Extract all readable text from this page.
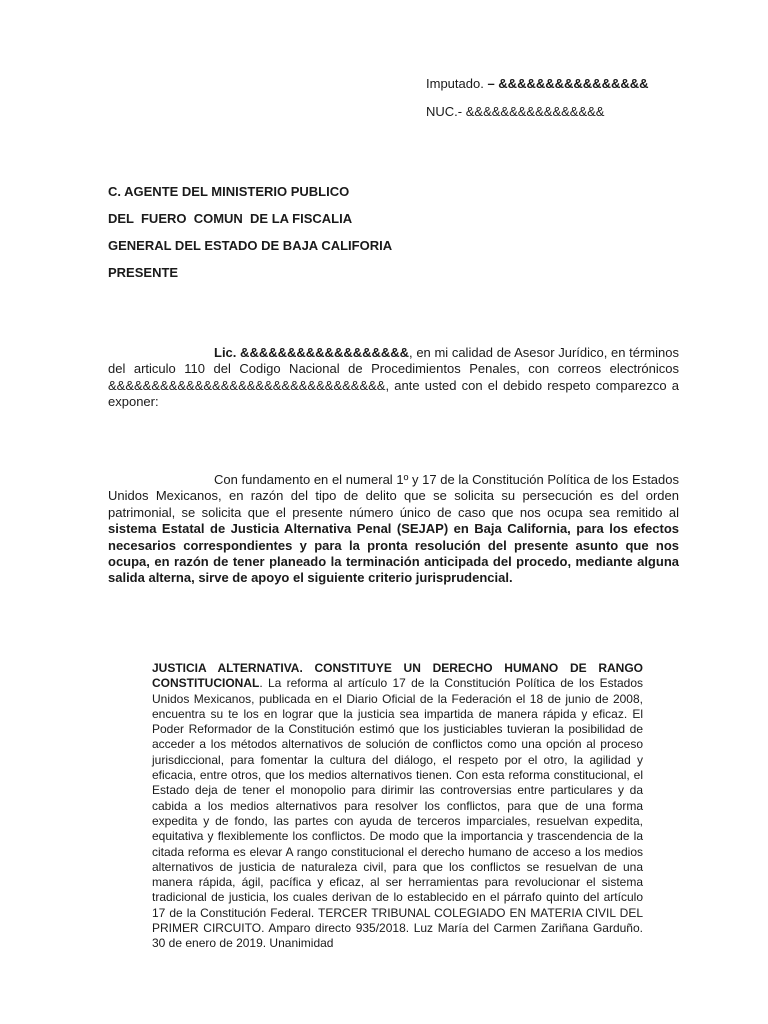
Imputado. – &&&&&&&&&&&&&&&&
NUC.- &&&&&&&&&&&&&&&&
C. AGENTE DEL MINISTERIO PUBLICO
DEL  FUERO  COMUN  DE LA FISCALIA
GENERAL DEL ESTADO DE BAJA CALIFORIA
PRESENTE
Lic. &&&&&&&&&&&&&&&&&&, en mi calidad de Asesor Jurídico, en términos del articulo 110 del Codigo Nacional de Procedimientos Penales, con correos electrónicos &&&&&&&&&&&&&&&&&&&&&&&&&&&&&&&&, ante usted con el debido respeto comparezco a exponer:
Con fundamento en el numeral 1º y 17 de la Constitución Política de los Estados Unidos Mexicanos, en razón del tipo de delito que se solicita su persecución es del orden patrimonial, se solicita que el presente número único de caso que nos ocupa sea remitido al sistema Estatal de Justicia Alternativa Penal (SEJAP) en Baja California, para los efectos necesarios correspondientes y para la pronta resolución del presente asunto que nos ocupa, en razón de tener planeado la terminación anticipada del procedo, mediante alguna salida alterna, sirve de apoyo el siguiente criterio jurisprudencial.
JUSTICIA ALTERNATIVA. CONSTITUYE UN DERECHO HUMANO DE RANGO CONSTITUCIONAL. La reforma al artículo 17 de la Constitución Política de los Estados Unidos Mexicanos, publicada en el Diario Oficial de la Federación el 18 de junio de 2008, encuentra su te los en lograr que la justicia sea impartida de manera rápida y eficaz. El Poder Reformador de la Constitución estimó que los justiciables tuvieran la posibilidad de acceder a los métodos alternativos de solución de conflictos como una opción al proceso jurisdiccional, para fomentar la cultura del diálogo, el respeto por el otro, la agilidad y eficacia, entre otros, que los medios alternativos tienen. Con esta reforma constitucional, el Estado deja de tener el monopolio para dirimir las controversias entre particulares y da cabida a los medios alternativos para resolver los conflictos, para que de una forma expedita y de fondo, las partes con ayuda de terceros imparciales, resuelvan expedita, equitativa y flexiblemente los conflictos. De modo que la importancia y trascendencia de la citada reforma es elevar A rango constitucional el derecho humano de acceso a los medios alternativos de justicia de naturaleza civil, para que los conflictos se resuelvan de una manera rápida, ágil, pacífica y eficaz, al ser herramientas para revolucionar el sistema tradicional de justicia, los cuales derivan de lo establecido en el párrafo quinto del artículo 17 de la Constitución Federal. TERCER TRIBUNAL COLEGIADO EN MATERIA CIVIL DEL PRIMER CIRCUITO. Amparo directo 935/2018. Luz María del Carmen Zariñana Garduño. 30 de enero de 2019. Unanimidad
